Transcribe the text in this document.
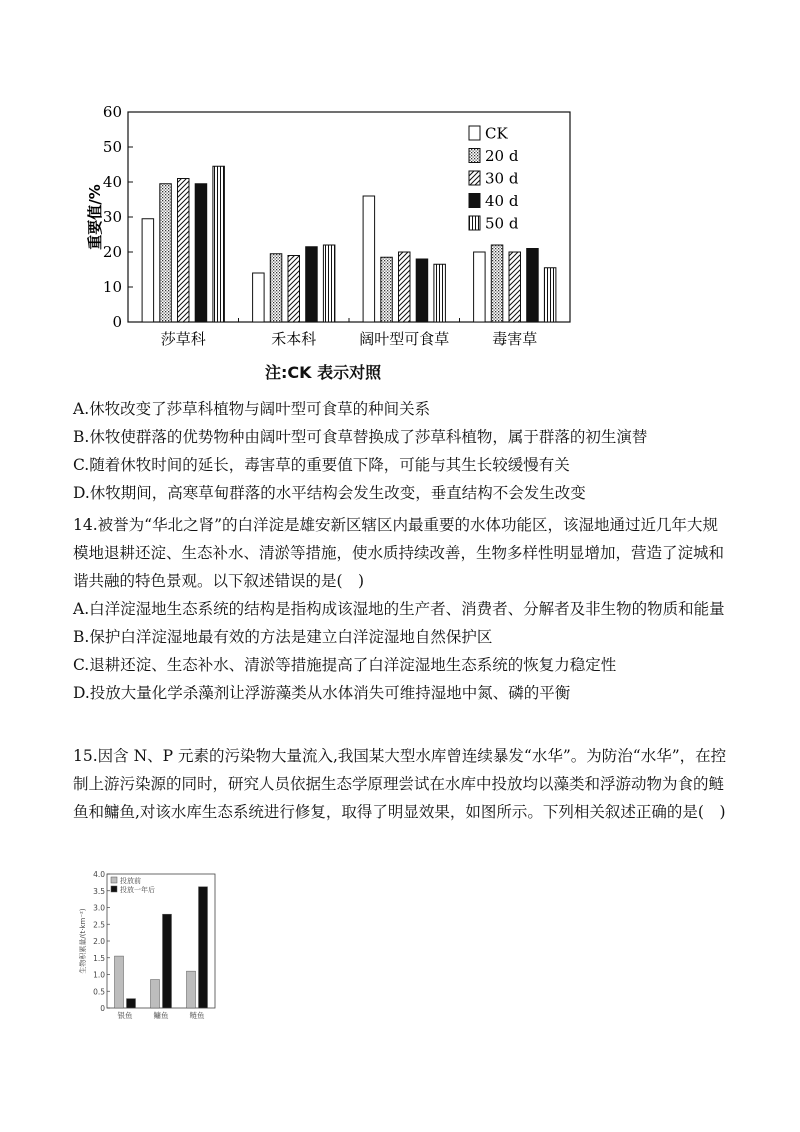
0
10
20
30
40
50
60
莎草科	禾本科	阔叶型可食草	毒害草
CK
20 d
30 d
40 d
50 d
重要值/%
注:CK 表示对照

A.休牧改变了莎草科植物与阔叶型可食草的种间关系

B.休牧使群落的优势物种由阔叶型可食草替换成了莎草科植物，属于群落的初生演替

C.随着休牧时间的延长，毒害草的重要值下降，可能与其生长较缓慢有关

D.休牧期间，高寒草甸群落的水平结构会发生改变，垂直结构不会发生改变

14.被誉为“华北之肾”的白洋淀是雄安新区辖区内最重要的水体功能区，该湿地通过近几年大规模地退耕还淀、生态补水、清淤等措施，使水质持续改善，生物多样性明显增加，营造了淀城和谐共融的特色景观。以下叙述错误的是(　)

A.白洋淀湿地生态系统的结构是指构成该湿地的生产者、消费者、分解者及非生物的物质和能量

B.保护白洋淀湿地最有效的方法是建立白洋淀湿地自然保护区

C.退耕还淀、生态补水、清淤等措施提高了白洋淀湿地生态系统的恢复力稳定性

D.投放大量化学杀藻剂让浮游藻类从水体消失可维持湿地中氮、磷的平衡

15.因含 N、P 元素的污染物大量流入,我国某大型水库曾连续暴发“水华”。为防治“水华”，在控制上游污染源的同时，研究人员依据生态学原理尝试在水库中投放均以藻类和浮游动物为食的鲢鱼和鳙鱼,对该水库生态系统进行修复，取得了明显效果，如图所示。下列相关叙述正确的是(　)

0
0.5
1.0
1.5
2.0
2.5
3.0
3.5
4.0
银鱼	鳙鱼	鲢鱼
投放前
投放一年后
生物积累量/(t·km⁻²)
